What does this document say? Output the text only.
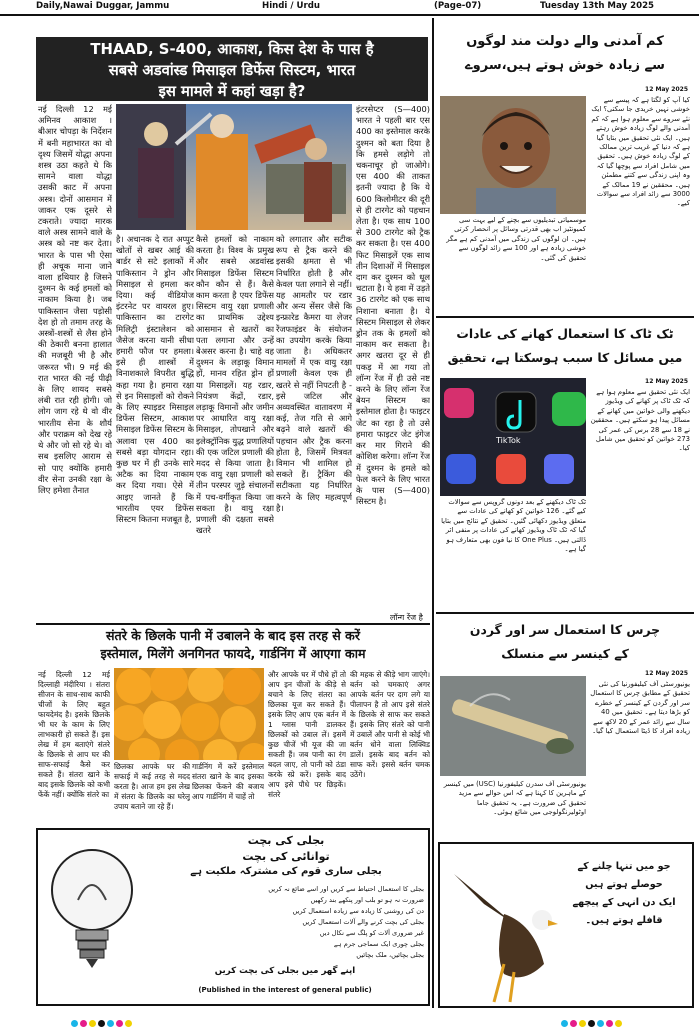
Daily,Nawai Duggar, Jammu	Hindi / Urdu	(Page-07)	Tuesday 13th May 2025
THAAD, S-400, आकाश, किस देश के पास है
सबसे अडवांस्ड मिसाइल डिफेंस सिस्टम, भारत
इस मामले में कहां खड़ा है?
नई दिल्ली 12 मई अमिनव आकाश । बीआर चोपड़ा के निर्देशन में बनी महाभारत का वो दृश्य जिसमें योद्धा अपना शस्त्र उठा कहते थे कि सामने वाला योद्धा उसकी काट में अपना अस्त्र। दोनों आसमान में जाकर एक दूसरे से टकराते। ज्यादा मारक वाले अस्त्र सामने वाले के अस्त्र को नष्ट कर देता। भारत के पास भी ऐसा ही अचूक माना जाने वाला हथियार है जिसने दुश्मन के कई हमलों को नाकाम किया है। जब पाकिस्तान जैसा पड़ोसी देश हो तो तमाम तरह के अस्त्रों-शस्त्रों से लैस होने की ठेकारी बनना हालात की मजबूरी भी है और जरूरत भी। 9 मई की रात भारत की नई पीढ़ी के लिए शायद सबसे लंबी रात रही होगी। जो लोग जाग रहे थे वो वीर भारतीय सेना के शौर्य और पराक्रम को देख रहे थे और जो सो रहे थे। वो सब इसलिए आराम से सो पाए क्योंकि हमारी वीर सेना उनकी रक्षा के लिए हमेशा तैनात
है। अचानक दे रात अप्पुट खोतों से खबर आई की बार्डर से सटे इलाकों में पाकिस्तान ने ड्रोन और मिसाइल से हमला कर दिया। कई वीडियोज इंटरनेट पर वायरल हुए। पाकिस्तान का टारगेट मिलिट्री इंस्टालेशन को जैसेज करना यानी सीधा हमारी फौज पर हमला। इसे ही शास्त्रों में विनाशकाले विपरीत बुद्धि कहा गया है। हमारा रक्षा से इन मिसाइलों को रोकने के लिए स्पाइडर मिसाइल डिफेंस सिस्टम, आकाश मिसाइल डिफेंस सिस्टम के अलावा एस 400 का सबसे बड़ा योगदान रहा। कुछ घर में ही उनके सारे अटैक का दिया नाकाम कर दिया गया। ऐसे में आइए जानते हैं कि भारतीय एयर डिफेंस सिस्टम कितना मजबूत है,
कैसे हमलों को नाकाम करता है। विश्व के प्रमुख और सबसे अडवांस्ड मिसाइल डिफेंस सिस्टम कौन कौन से हैं। कैसे काम करता है एयर डिफेंस सिस्टम वायु रक्षा प्रणाली का प्राथमिक उद्देश्य आसमान से खतरों का पता लगाना और उन्हें बेअसर करना है। चाहे वह दुश्मन के लड़ाकू विमान हों, मानव रहित ड्रोन हों या मिसाइलें। यह रडार, नियंत्रण केंद्रों, रडार, लड़ाकू विमानों और जमीन पर आधारित वायु रक्षा मिसाइल, तोपखाने और इलेक्ट्रॉनिक युद्ध प्रणालियों की एक जटिल प्रणाली की मदद से किया जाता है। एक वायु रक्षा प्रणाली को तीन परस्पर जुड़े संचालनों में पच-वर्गीकृत किया जा सकता है। वायु रक्षा प्रणाली की दक्षता सबसे खतरे
को लगातार और सटीक रूप से ट्रैक करने की इसकी क्षमता से भी निर्धारित होती है और केवल पता लगाने से नहीं। यह आमतौर पर रडार और अन्य सेंसर जैसे कि इन्फ्रारेड कैमरा या लेजर रेंजफाइंडर के संयोजन का उपयोग करके किया जाता है। अधिकतर मामलों में एक वायु रक्षा प्रणाली केवल एक ही खतरे से नहीं निपटती है - इसे जटिल और अव्यवस्थित वातावरण में कई, तेज गति से आगे बढ़ने वाले खतरों की पहचान और ट्रैक करना होता है, जिसमें मित्रवत विमान भी शामिल हो सकते हैं। ट्रैकिंग की सटीकता यह निर्धारित करने के लिए महत्वपूर्ण है।
इंटरसेप्टर (S—400) भारत ने पहली बार एस 400 का इस्तेमाल करके दुश्मन को बता दिया है कि हमसे लड़ोगे तो चकनाचूर हो जाओगे। एस 400 की ताकत इतनी ज्यादा है कि ये 600 किलोमीटर की दूरी से ही टारगेट को पहचान लेता है। एक साथ 100 से 300 टारगेट को ट्रैक कर सकता है। एस 400 फिट मिसाइलें एक साथ तीन दिशाओं में मिसाइल दाग कर दुश्मन को धूल चटाता है। ये हवा में उड़ते 36 टारगेट को एक साथ निशाना बनाता है। ये सिस्टम मिसाइल से लेकर ड्रोन तक के हमलों को नाकाम कर सकता है। अगर खतरा दूर से ही पकड़ में आ गया तो लॉन्ग रेंज में ही उसे नष्ट करने के लिए लॉन्ग रेंज बेयन सिस्टम का इस्तेमाल होता है। फाइटर जेट का रहा है तो उसे हमारा फाइटर जेट इंगेज कर मार गिराने की कोशिश करेगा। लॉन्ग रेंज में दुश्मन के हमले को फेल करने के लिए भारत के पास (S—400) सिस्टम है।
लॉन्ग रेंज है
संतरे के छिलके पानी में उबालने के बाद इस तरह से करें
इस्तेमाल, मिलेंगे अनगिनत फायदे, गार्डनिंग में आएगा काम
नई दिल्ली 12 मई दिल्लाही मंदीरिया । संतरा सीजन के साथ-साथ काफी चीजों के लिए बहुत फायदेमंद है। इसके छिलके भी घर के काम के लिए लाभकारी हो सकते हैं। इस लेख में हम बताएंगे संतरे के छिलके से आप घर की साफ-सफाई कैसे कर सकते हैं। संतरा खाने के बाद इसके छिलके को कभी फेंकें नहीं। क्योंकि संतरे का
छिलका आपके घर की सफाई में कई तरह से मदद करता है। आज हम इस लेख में संतरा के छिलके का घरेलू उपाय बताने जा रहे हैं।
गार्डनिंग में करें इस्तेमाल संतरा खाने के बाद इसका छिलका फेंकने की बजाय आप गार्डनिंग में चाहें तो
और आपके घर में पौधे हों तो आप इन चीजों के कीड़े से बचाने के लिए संतरा का छिलका यूज कर सकते हैं। इसके लिए आप एक बर्तन में 1 ग्लास पानी डालकर छिलकों को उबाल लें। इसमें कुछ चीजें भी यूज की जा सकती हैं। जब पानी का रंग बदल जाए, तो पानी को ठंडा करके स्प्रे करें। इसके बाद आप इसे पौधे पर छिड़कें। संतरे
की महक से कीड़े भाग जाएंगे। बर्तन को चमकाएं अगर आपके बर्तन पर दाग लगे या पीलापन है तो आप इसे संतरे के छिलके से साफ कर सकते हैं। इसके लिए संतरे को पानी में उबालें और पानी से कोई भी बर्तन धोने वाला लिक्विड डालें। इसके बाद बर्तन को साफ करें। इससे बर्तन चमक उठेंगे।
بجلی کی بچت
توانائی کی بچت
بجلی ساری قوم کی مشترکہ ملکیت ہے
بجلی کا استعمال احتیاط سے کریں اور اسے ضائع نہ کریں
ضرورت نہ ہو تو بلب اور پنکھے بند رکھیں
دن کی روشنی کا زیادہ سے زیادہ استعمال کریں
بجلی کی بچت کرنے والے آلات استعمال کریں
غیر ضروری آلات کو پلگ سے نکال دیں
بجلی چوری ایک سماجی جرم ہے
بجلی بچائیں، ملک بچائیں
اپنے گھر میں بجلی کی بچت کریں
(Published in the interest of general public)
کم آمدنی والے دولت مند لوگوں
سے زیادہ خوش ہوتے ہیں،سروے
12 May 2025
کیا آپ کو لگتا ہے کہ پیسے سے خوشی نہیں خریدی جا سکتی؟ ایک نئے سروے سے معلوم ہوا ہے کہ کم آمدنی والے لوگ زیادہ خوش رہتے ہیں۔ ایک نئی تحقیق میں بتایا گیا ہے کہ دنیا کے غریب ترین ممالک کے لوگ زیادہ خوش ہیں۔ تحقیق میں شامل افراد سے پوچھا گیا کہ وہ اپنی زندگی سے کتنے مطمئن ہیں۔ محققین نے 19 ممالک کے 3000 سے زائد افراد سے سوالات کیے۔
موسمیاتی تبدیلیوں سے بچنے کے لیے بہت سی کمیونٹیز اب بھی قدرتی وسائل پر انحصار کرتی ہیں۔ ان لوگوں کی زندگی میں آمدنی کم ہے مگر خوشی زیادہ ہے اور 100 سے زائد لوگوں سے تحقیق کی گئی۔
ٹک ٹاک کا استعمال کھانے کی عادات
میں مسائل کا سبب ہوسکتا ہے، تحقیق
12 May 2025
TikTok
ایک نئی تحقیق سے معلوم ہوا ہے کہ ٹک ٹاک پر کھانے کی ویڈیوز دیکھنے والی خواتین میں کھانے کے مسائل پیدا ہو سکتے ہیں۔ محققین نے 18 سے 28 برس کی عمر کی 273 خواتین کو تحقیق میں شامل کیا۔
ٹک ٹاک دیکھنے کے بعد دونوں گروپس سے سوالات کیے گئے۔ 126 خواتین کو کھانے کی عادات سے متعلق ویڈیوز دکھائی گئیں۔ تحقیق کے نتائج میں بتایا گیا کہ ٹک ٹاک ویڈیوز کھانے کی عادات پر منفی اثر ڈالتی ہیں۔ One Plus کا نیا فون بھی متعارف ہو گیا ہے۔
چرس کا استعمال سر اور گردن
کے کینسر سے منسلک
12 May 2025
یونیورسٹی آف کیلیفورنیا کی نئی تحقیق کے مطابق چرس کا استعمال سر اور گردن کے کینسر کے خطرے کو بڑھا دیتا ہے۔ تحقیق میں 40 سال سے زائد عمر کے 20 لاکھ سے زیادہ افراد کا ڈیٹا استعمال کیا گیا۔
یونیورسٹی آف سدرن کیلیفورنیا (USC) میں کینسر کے ماہرین کا کہنا ہے کہ اس حوالے سے مزید تحقیق کی ضرورت ہے۔ یہ تحقیق جاما اوٹولیرنگولوجی میں شائع ہوئی۔
جو میں تنہا چلنے کے حوصلے ہوتے ہیں
ایک دن انہی کے پیچھے
قافلے ہوتے ہیں۔
